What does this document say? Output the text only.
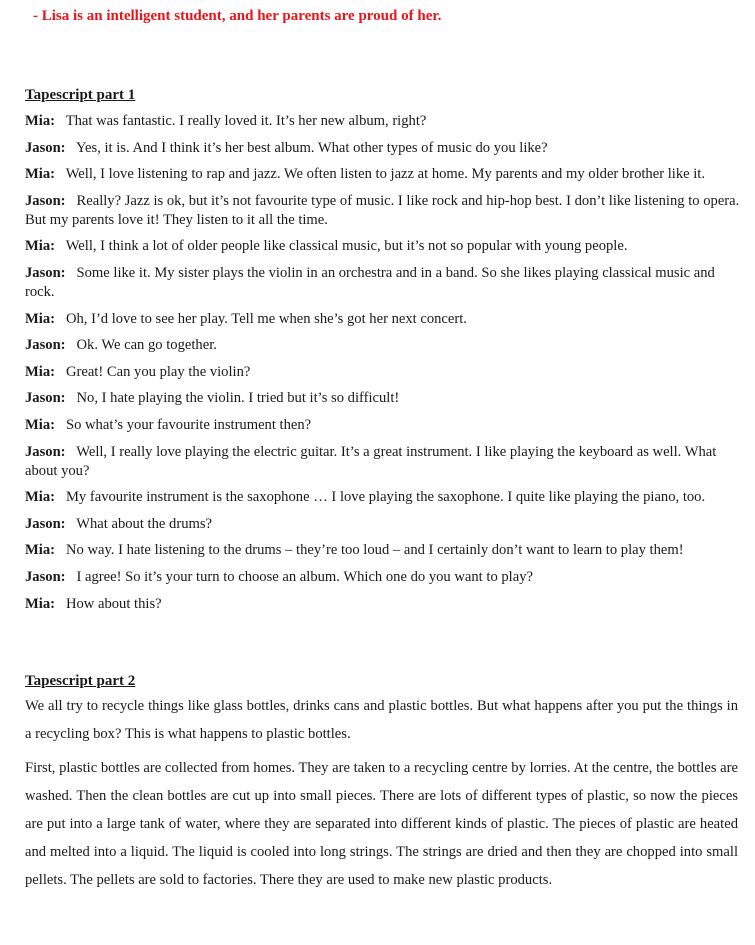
- Lisa is an intelligent student, and her parents are proud of her.

Tapescript part 1

Mia: That was fantastic. I really loved it. It’s her new album, right?

Jason: Yes, it is. And I think it’s her best album. What other types of music do you like?

Mia: Well, I love listening to rap and jazz. We often listen to jazz at home. My parents and my older brother like it.

Jason: Really? Jazz is ok, but it’s not favourite type of music. I like rock and hip-hop best. I don’t like listening to opera. But my parents love it! They listen to it all the time.

Mia: Well, I think a lot of older people like classical music, but it’s not so popular with young people.

Jason: Some like it. My sister plays the violin in an orchestra and in a band. So she likes playing classical music and rock.

Mia: Oh, I’d love to see her play. Tell me when she’s got her next concert.

Jason: Ok. We can go together.

Mia: Great! Can you play the violin?

Jason: No, I hate playing the violin. I tried but it’s so difficult!

Mia: So what’s your favourite instrument then?

Jason: Well, I really love playing the electric guitar. It’s a great instrument. I like playing the keyboard as well. What about you?

Mia: My favourite instrument is the saxophone … I love playing the saxophone. I quite like playing the piano, too.

Jason: What about the drums?

Mia: No way. I hate listening to the drums – they’re too loud – and I certainly don’t want to learn to play them!

Jason: I agree! So it’s your turn to choose an album. Which one do you want to play?

Mia: How about this?

Tapescript part 2

We all try to recycle things like glass bottles, drinks cans and plastic bottles. But what happens after you put the things in a recycling box? This is what happens to plastic bottles.

First, plastic bottles are collected from homes. They are taken to a recycling centre by lorries. At the centre, the bottles are washed. Then the clean bottles are cut up into small pieces. There are lots of different types of plastic, so now the pieces are put into a large tank of water, where they are separated into different kinds of plastic. The pieces of plastic are heated and melted into a liquid. The liquid is cooled into long strings. The strings are dried and then they are chopped into small pellets. The pellets are sold to factories. There they are used to make new plastic products.
